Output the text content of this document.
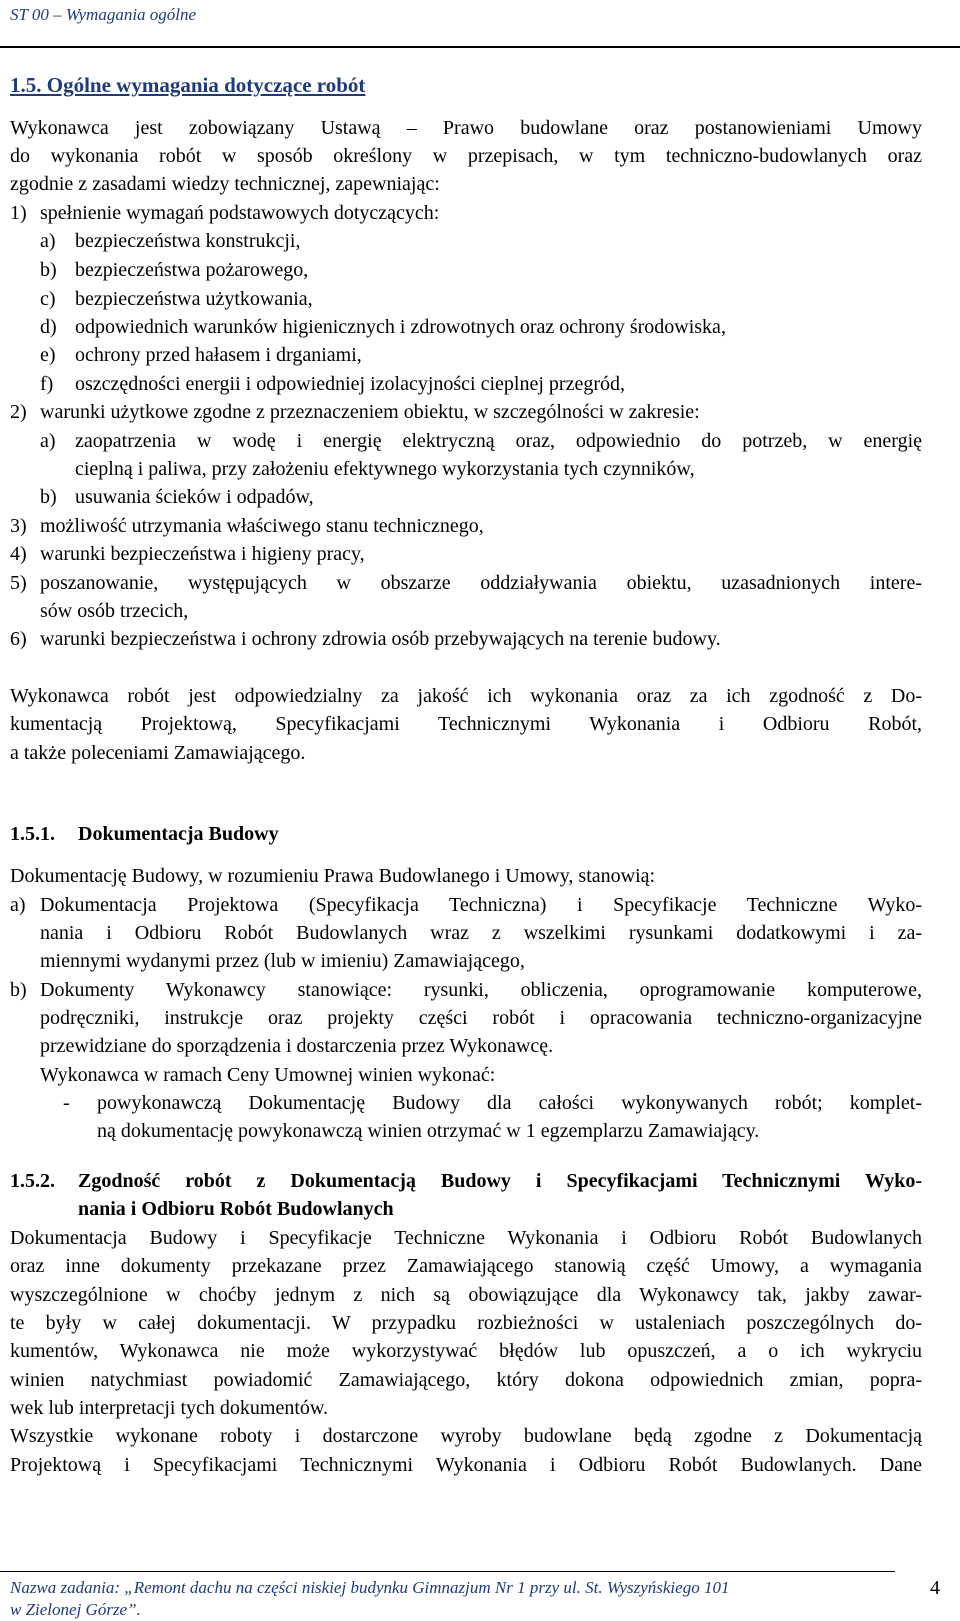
ST 00 – Wymagania ogólne
1.5. Ogólne wymagania dotyczące robót
Wykonawca jest zobowiązany Ustawą – Prawo budowlane oraz postanowieniami Umowy
do wykonania robót w sposób określony w przepisach, w tym techniczno-budowlanych oraz
zgodnie z zasadami wiedzy technicznej, zapewniając:
1) spełnienie wymagań podstawowych dotyczących:
a) bezpieczeństwa konstrukcji,
b) bezpieczeństwa pożarowego,
c) bezpieczeństwa użytkowania,
d) odpowiednich warunków higienicznych i zdrowotnych oraz ochrony środowiska,
e) ochrony przed hałasem i drganiami,
f) oszczędności energii i odpowiedniej izolacyjności cieplnej przegród,
2) warunki użytkowe zgodne z przeznaczeniem obiektu, w szczególności w zakresie:
a) zaopatrzenia w wodę i energię elektryczną oraz, odpowiednio do potrzeb, w energię
cieplną i paliwa, przy założeniu efektywnego wykorzystania tych czynników,
b) usuwania ścieków i odpadów,
3) możliwość utrzymania właściwego stanu technicznego,
4) warunki bezpieczeństwa i higieny pracy,
5) poszanowanie, występujących w obszarze oddziaływania obiektu, uzasadnionych intere-
sów osób trzecich,
6) warunki bezpieczeństwa i ochrony zdrowia osób przebywających na terenie budowy.
Wykonawca robót jest odpowiedzialny za jakość ich wykonania oraz za ich zgodność z Do-
kumentacją Projektową, Specyfikacjami Technicznymi Wykonania i Odbioru Robót,
a także poleceniami Zamawiającego.
1.5.1. Dokumentacja Budowy
Dokumentację Budowy, w rozumieniu Prawa Budowlanego i Umowy, stanowią:
a) Dokumentacja Projektowa (Specyfikacja Techniczna) i Specyfikacje Techniczne Wyko-
nania i Odbioru Robót Budowlanych wraz z wszelkimi rysunkami dodatkowymi i za-
miennymi wydanymi przez (lub w imieniu) Zamawiającego,
b) Dokumenty Wykonawcy stanowiące: rysunki, obliczenia, oprogramowanie komputerowe,
podręczniki, instrukcje oraz projekty części robót i opracowania techniczno-organizacyjne
przewidziane do sporządzenia i dostarczenia przez Wykonawcę.
Wykonawca w ramach Ceny Umownej winien wykonać:
- powykonawczą Dokumentację Budowy dla całości wykonywanych robót; komplet-
ną dokumentację powykonawczą winien otrzymać w 1 egzemplarzu Zamawiający.
1.5.2. Zgodność robót z Dokumentacją Budowy i Specyfikacjami Technicznymi Wyko-
nania i Odbioru Robót Budowlanych
Dokumentacja Budowy i Specyfikacje Techniczne Wykonania i Odbioru Robót Budowlanych
oraz inne dokumenty przekazane przez Zamawiającego stanowią część Umowy, a wymagania
wyszczególnione w choćby jednym z nich są obowiązujące dla Wykonawcy tak, jakby zawar-
te były w całej dokumentacji. W przypadku rozbieżności w ustaleniach poszczególnych do-
kumentów, Wykonawca nie może wykorzystywać błędów lub opuszczeń, a o ich wykryciu
winien natychmiast powiadomić Zamawiającego, który dokona odpowiednich zmian, popra-
wek lub interpretacji tych dokumentów.
Wszystkie wykonane roboty i dostarczone wyroby budowlane będą zgodne z Dokumentacją
Projektową i Specyfikacjami Technicznymi Wykonania i Odbioru Robót Budowlanych. Dane
Nazwa zadania: „Remont dachu na części niskiej budynku Gimnazjum Nr 1 przy ul. St. Wyszyńskiego 101
w Zielonej Górze”.
4
